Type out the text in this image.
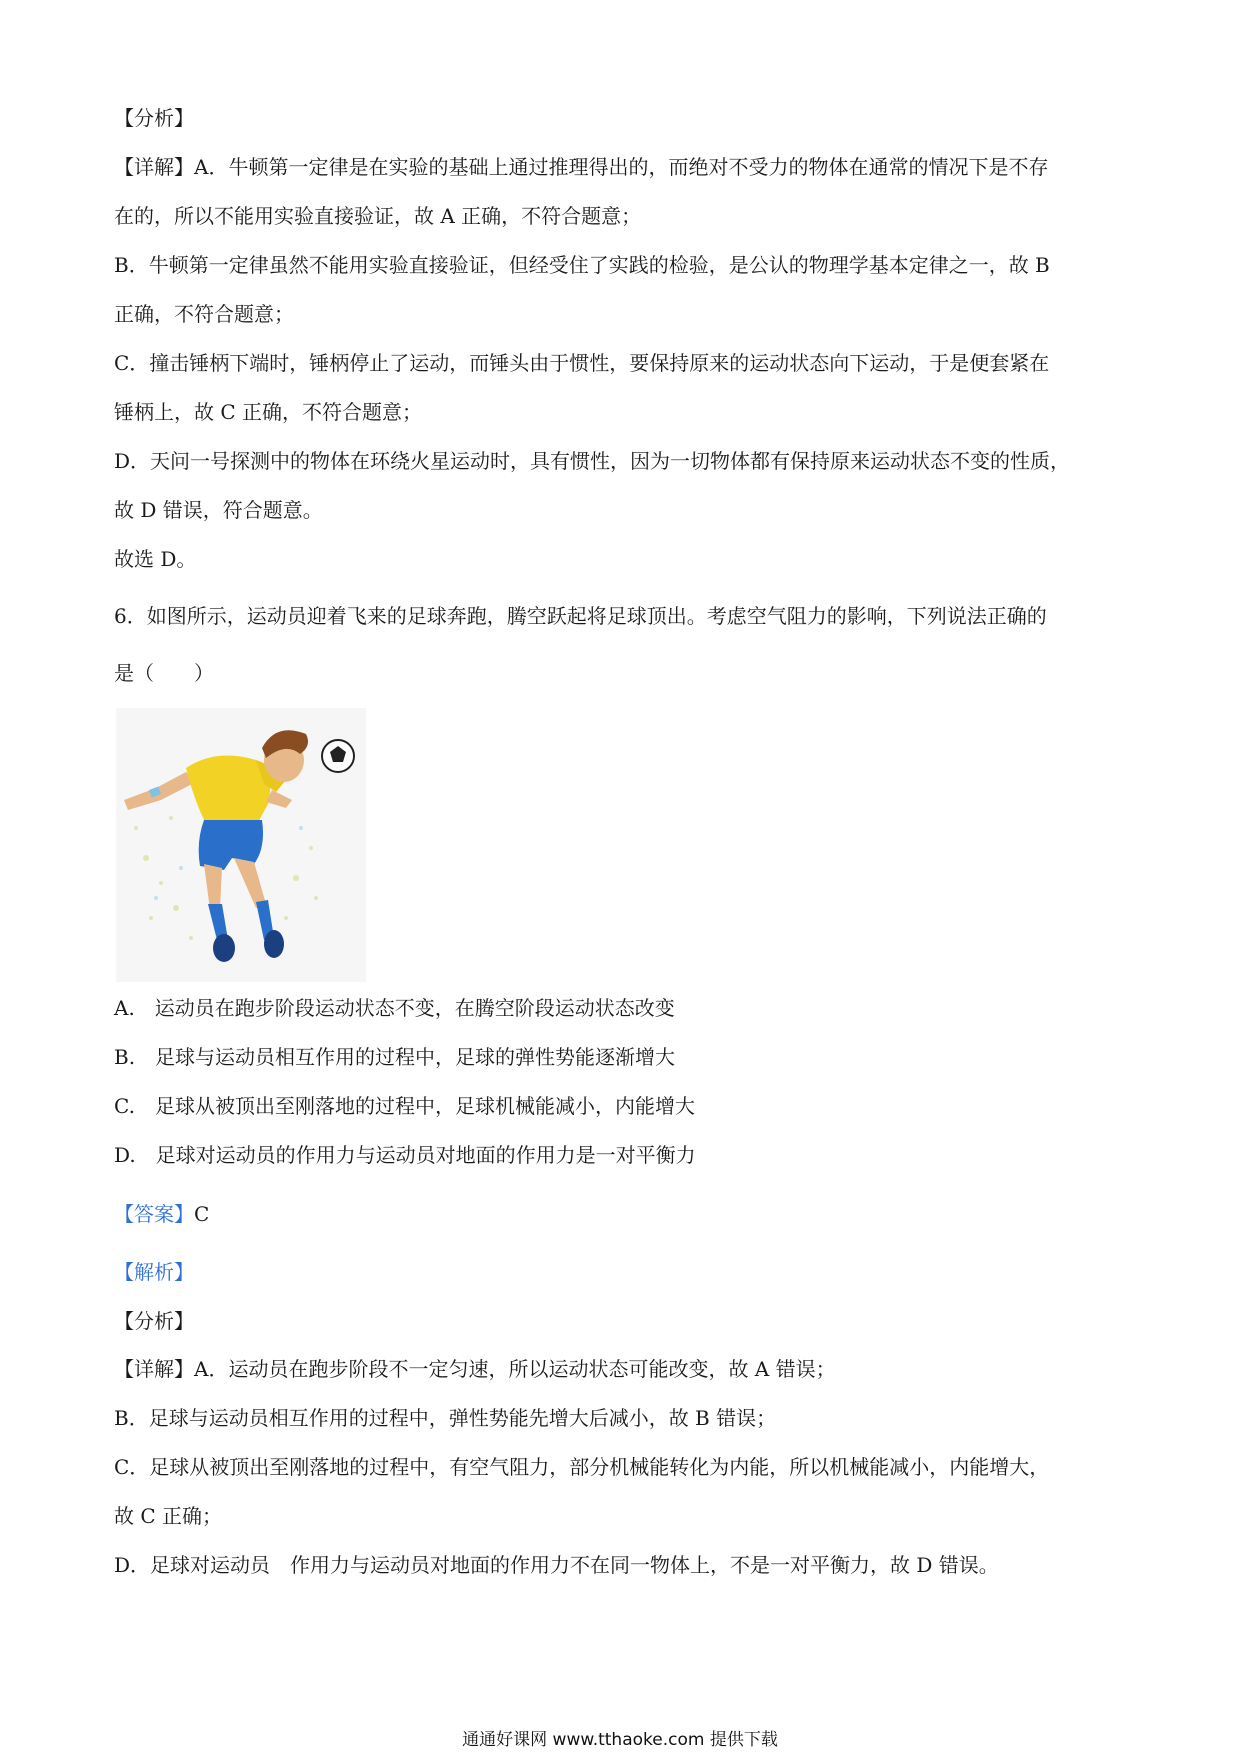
【分析】
【详解】A．牛顿第一定律是在实验的基础上通过推理得出的，而绝对不受力的物体在通常的情况下是不存
在的，所以不能用实验直接验证，故 A 正确，不符合题意；
B．牛顿第一定律虽然不能用实验直接验证，但经受住了实践的检验，是公认的物理学基本定律之一，故 B
正确，不符合题意；
C．撞击锤柄下端时，锤柄停止了运动，而锤头由于惯性，要保持原来的运动状态向下运动，于是便套紧在
锤柄上，故 C 正确，不符合题意；
D．天问一号探测中的物体在环绕火星运动时，具有惯性，因为一切物体都有保持原来运动状态不变的性质，
故 D 错误，符合题意。
故选 D。
6．如图所示，运动员迎着飞来的足球奔跑，腾空跃起将足球顶出。考虑空气阻力的影响，下列说法正确的
是（　　）
A.　运动员在跑步阶段运动状态不变，在腾空阶段运动状态改变
B.　足球与运动员相互作用的过程中，足球的弹性势能逐渐增大
C.　足球从被顶出至刚落地的过程中，足球机械能减小，内能增大
D.　足球对运动员的作用力与运动员对地面的作用力是一对平衡力
【答案】C
【解析】
【分析】
【详解】A．运动员在跑步阶段不一定匀速，所以运动状态可能改变，故 A 错误；
B．足球与运动员相互作用的过程中，弹性势能先增大后减小，故 B 错误；
C．足球从被顶出至刚落地的过程中，有空气阻力，部分机械能转化为内能，所以机械能减小，内能增大，
故 C 正确；
D．足球对运动员　作用力与运动员对地面的作用力不在同一物体上，不是一对平衡力，故 D 错误。
通通好课网 www.tthaoke.com 提供下载
